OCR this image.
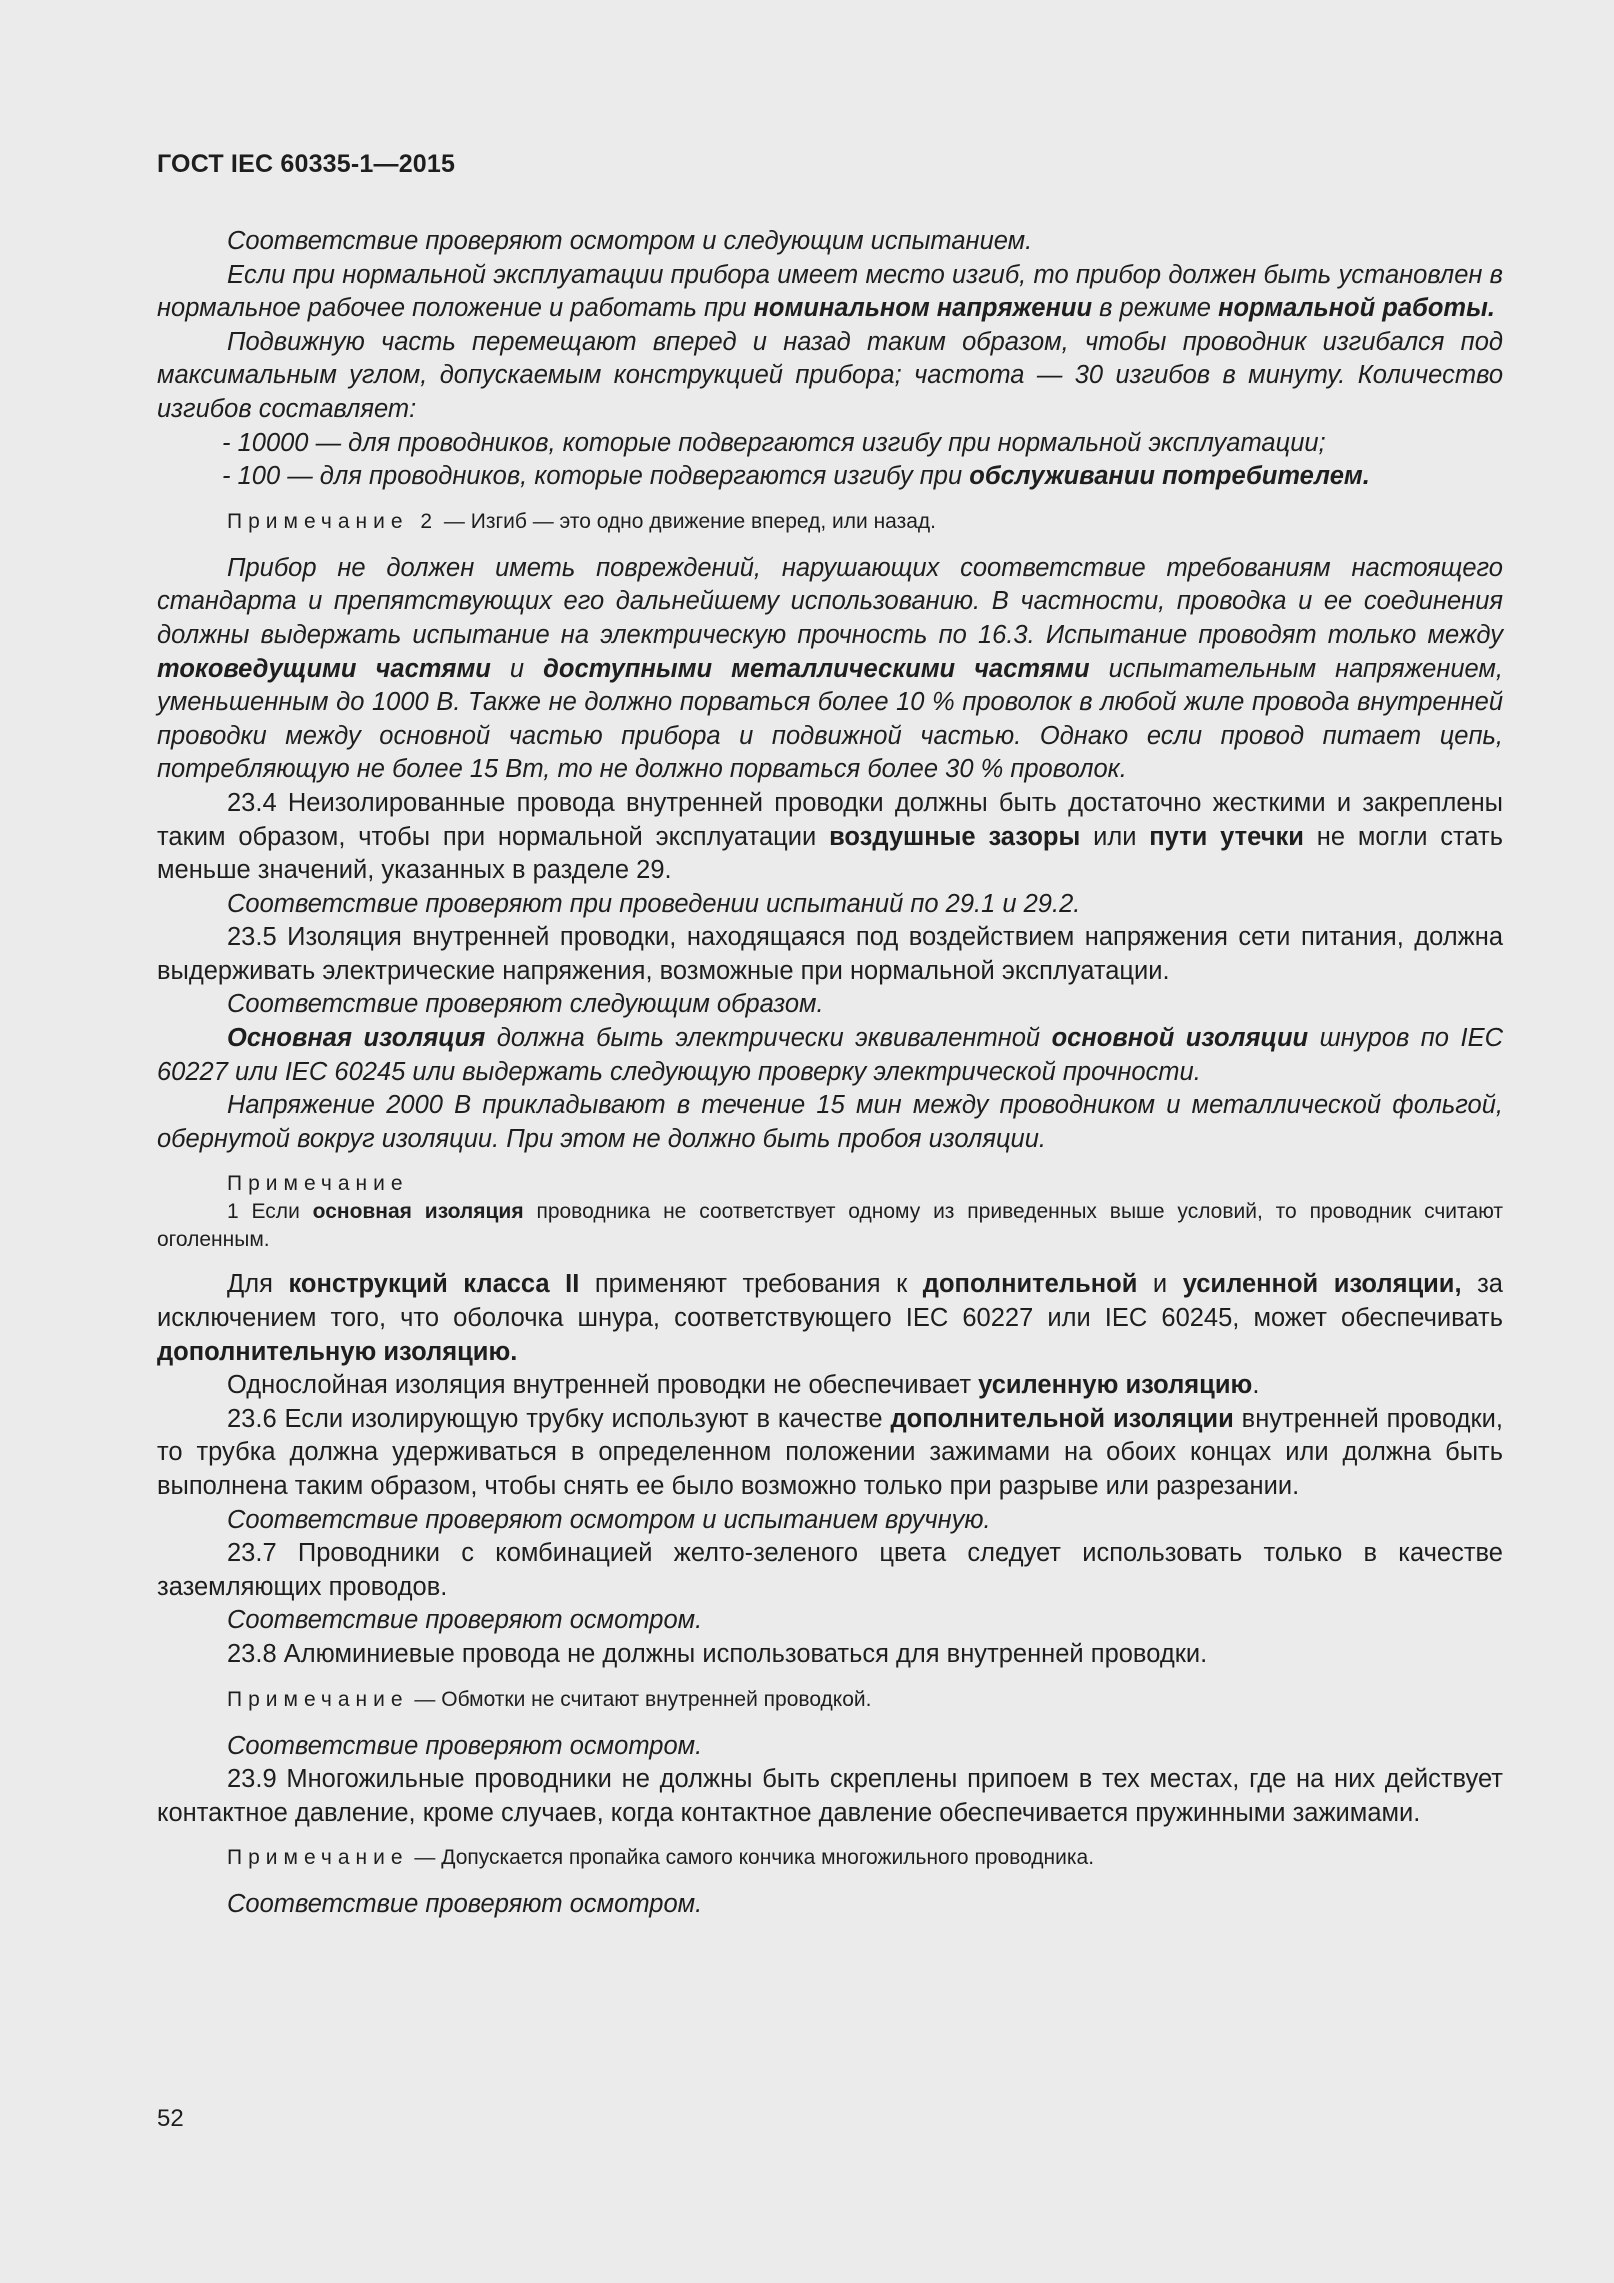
ГОСТ IEC 60335-1—2015

Соответствие проверяют осмотром и следующим испытанием.

Если при нормальной эксплуатации прибора имеет место изгиб, то прибор должен быть установлен в нормальное рабочее положение и работать при номинальном напряжении в режиме нормальной работы.

Подвижную часть перемещают вперед и назад таким образом, чтобы проводник изгибался под максимальным углом, допускаемым конструкцией прибора; частота — 30 изгибов в минуту. Количество изгибов составляет:

- 10000 — для проводников, которые подвергаются изгибу при нормальной эксплуатации;

- 100 — для проводников, которые подвергаются изгибу при обслуживании потребителем.

Примечание 2 — Изгиб — это одно движение вперед, или назад.

Прибор не должен иметь повреждений, нарушающих соответствие требованиям настоящего стандарта и препятствующих его дальнейшему использованию. В частности, проводка и ее соединения должны выдержать испытание на электрическую прочность по 16.3. Испытание проводят только между токоведущими частями и доступными металлическими частями испытательным напряжением, уменьшенным до 1000 В. Также не должно порваться более 10 % проволок в любой жиле провода внутренней проводки между основной частью прибора и подвижной частью. Однако если провод питает цепь, потребляющую не более 15 Вт, то не должно порваться более 30 % проволок.

23.4 Неизолированные провода внутренней проводки должны быть достаточно жесткими и закреплены таким образом, чтобы при нормальной эксплуатации воздушные зазоры или пути утечки не могли стать меньше значений, указанных в разделе 29.

Соответствие проверяют при проведении испытаний по 29.1 и 29.2.

23.5 Изоляция внутренней проводки, находящаяся под воздействием напряжения сети питания, должна выдерживать электрические напряжения, возможные при нормальной эксплуатации.

Соответствие проверяют следующим образом.

Основная изоляция должна быть электрически эквивалентной основной изоляции шнуров по IEC 60227 или IEC 60245 или выдержать следующую проверку электрической прочности.

Напряжение 2000 В прикладывают в течение 15 мин между проводником и металлической фольгой, обернутой вокруг изоляции. При этом не должно быть пробоя изоляции.

Примечание

1 Если основная изоляция проводника не соответствует одному из приведенных выше условий, то проводник считают оголенным.

Для конструкций класса II применяют требования к дополнительной и усиленной изоляции, за исключением того, что оболочка шнура, соответствующего IEC 60227 или IEC 60245, может обеспечивать дополнительную изоляцию.

Однослойная изоляция внутренней проводки не обеспечивает усиленную изоляцию.

23.6 Если изолирующую трубку используют в качестве дополнительной изоляции внутренней проводки, то трубка должна удерживаться в определенном положении зажимами на обоих концах или должна быть выполнена таким образом, чтобы снять ее было возможно только при разрыве или разрезании.

Соответствие проверяют осмотром и испытанием вручную.

23.7 Проводники с комбинацией желто-зеленого цвета следует использовать только в качестве заземляющих проводов.

Соответствие проверяют осмотром.

23.8 Алюминиевые провода не должны использоваться для внутренней проводки.

Примечание — Обмотки не считают внутренней проводкой.

Соответствие проверяют осмотром.

23.9 Многожильные проводники не должны быть скреплены припоем в тех местах, где на них действует контактное давление, кроме случаев, когда контактное давление обеспечивается пружинными зажимами.

Примечание — Допускается пропайка самого кончика многожильного проводника.

Соответствие проверяют осмотром.

52
